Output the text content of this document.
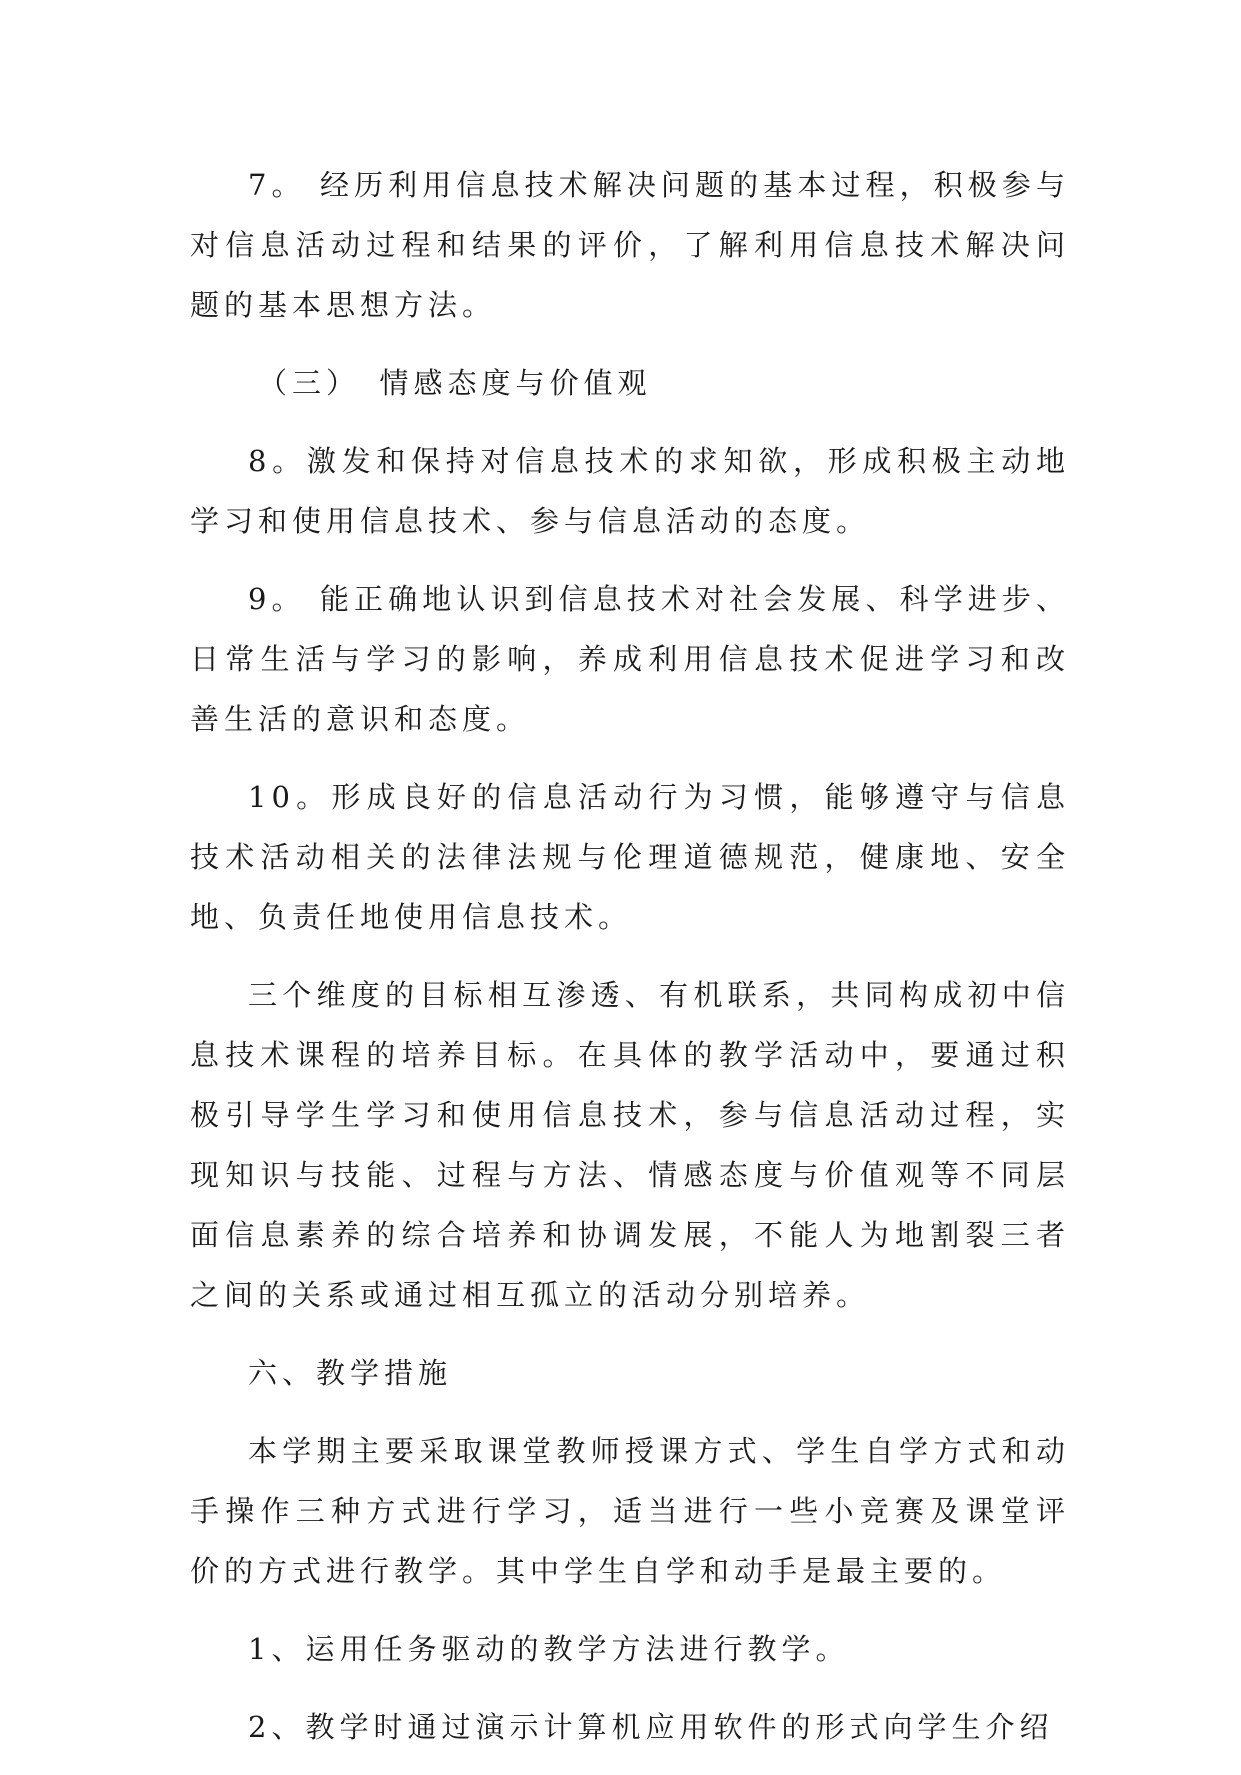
7。 经历利用信息技术解决问题的基本过程，积极参与对信息活动过程和结果的评价，了解利用信息技术解决问题的基本思想方法。

（三）　情感态度与价值观

8。激发和保持对信息技术的求知欲，形成积极主动地学习和使用信息技术、参与信息活动的态度。

9。 能正确地认识到信息技术对社会发展、科学进步、日常生活与学习的影响，养成利用信息技术促进学习和改善生活的意识和态度。

10。形成良好的信息活动行为习惯，能够遵守与信息技术活动相关的法律法规与伦理道德规范，健康地、安全地、负责任地使用信息技术。

三个维度的目标相互渗透、有机联系，共同构成初中信息技术课程的培养目标。在具体的教学活动中，要通过积极引导学生学习和使用信息技术，参与信息活动过程，实现知识与技能、过程与方法、情感态度与价值观等不同层面信息素养的综合培养和协调发展，不能人为地割裂三者之间的关系或通过相互孤立的活动分别培养。

六、教学措施

本学期主要采取课堂教师授课方式、学生自学方式和动手操作三种方式进行学习，适当进行一些小竞赛及课堂评价的方式进行教学。其中学生自学和动手是最主要的。

1、运用任务驱动的教学方法进行教学。

2、教学时通过演示计算机应用软件的形式向学生介绍
